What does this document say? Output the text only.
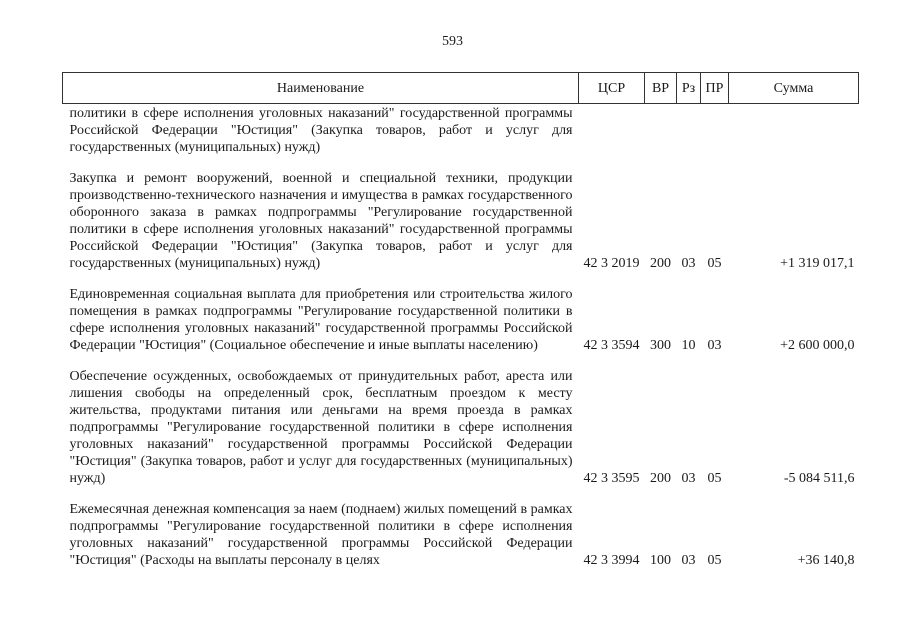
593
Наименование	ЦСР	ВР	Рз	ПР	Сумма
политики в сфере исполнения уголовных наказаний" государственной программы Российской Федерации "Юстиция" (Закупка товаров, работ и услуг для государственных (муниципальных) нужд)					

Закупка и ремонт вооружений, военной и специальной техники, продукции производственно-технического назначения и имущества в рамках государственного оборонного заказа в рамках подпрограммы "Регулирование государственной политики в сфере исполнения уголовных наказаний" государственной программы Российской Федерации "Юстиция" (Закупка товаров, работ и услуг для государственных (муниципальных) нужд)	42 3 2019	200	03	05	+1 319 017,1

Единовременная социальная выплата для приобретения или строительства жилого помещения в рамках подпрограммы "Регулирование государственной политики в сфере исполнения уголовных наказаний" государственной программы Российской Федерации "Юстиция" (Социальное обеспечение и иные выплаты населению)	42 3 3594	300	10	03	+2 600 000,0

Обеспечение осужденных, освобождаемых от принудительных работ, ареста или лишения свободы на определенный срок, бесплатным проездом к месту жительства, продуктами питания или деньгами на время проезда в рамках подпрограммы "Регулирование государственной политики в сфере исполнения уголовных наказаний" государственной программы Российской Федерации "Юстиция" (Закупка товаров, работ и услуг для государственных (муниципальных) нужд)	42 3 3595	200	03	05	-5 084 511,6

Ежемесячная денежная компенсация за наем (поднаем) жилых помещений в рамках подпрограммы "Регулирование государственной политики в сфере исполнения уголовных наказаний" государственной программы Российской Федерации "Юстиция" (Расходы на выплаты персоналу в целях	42 3 3994	100	03	05	+36 140,8
